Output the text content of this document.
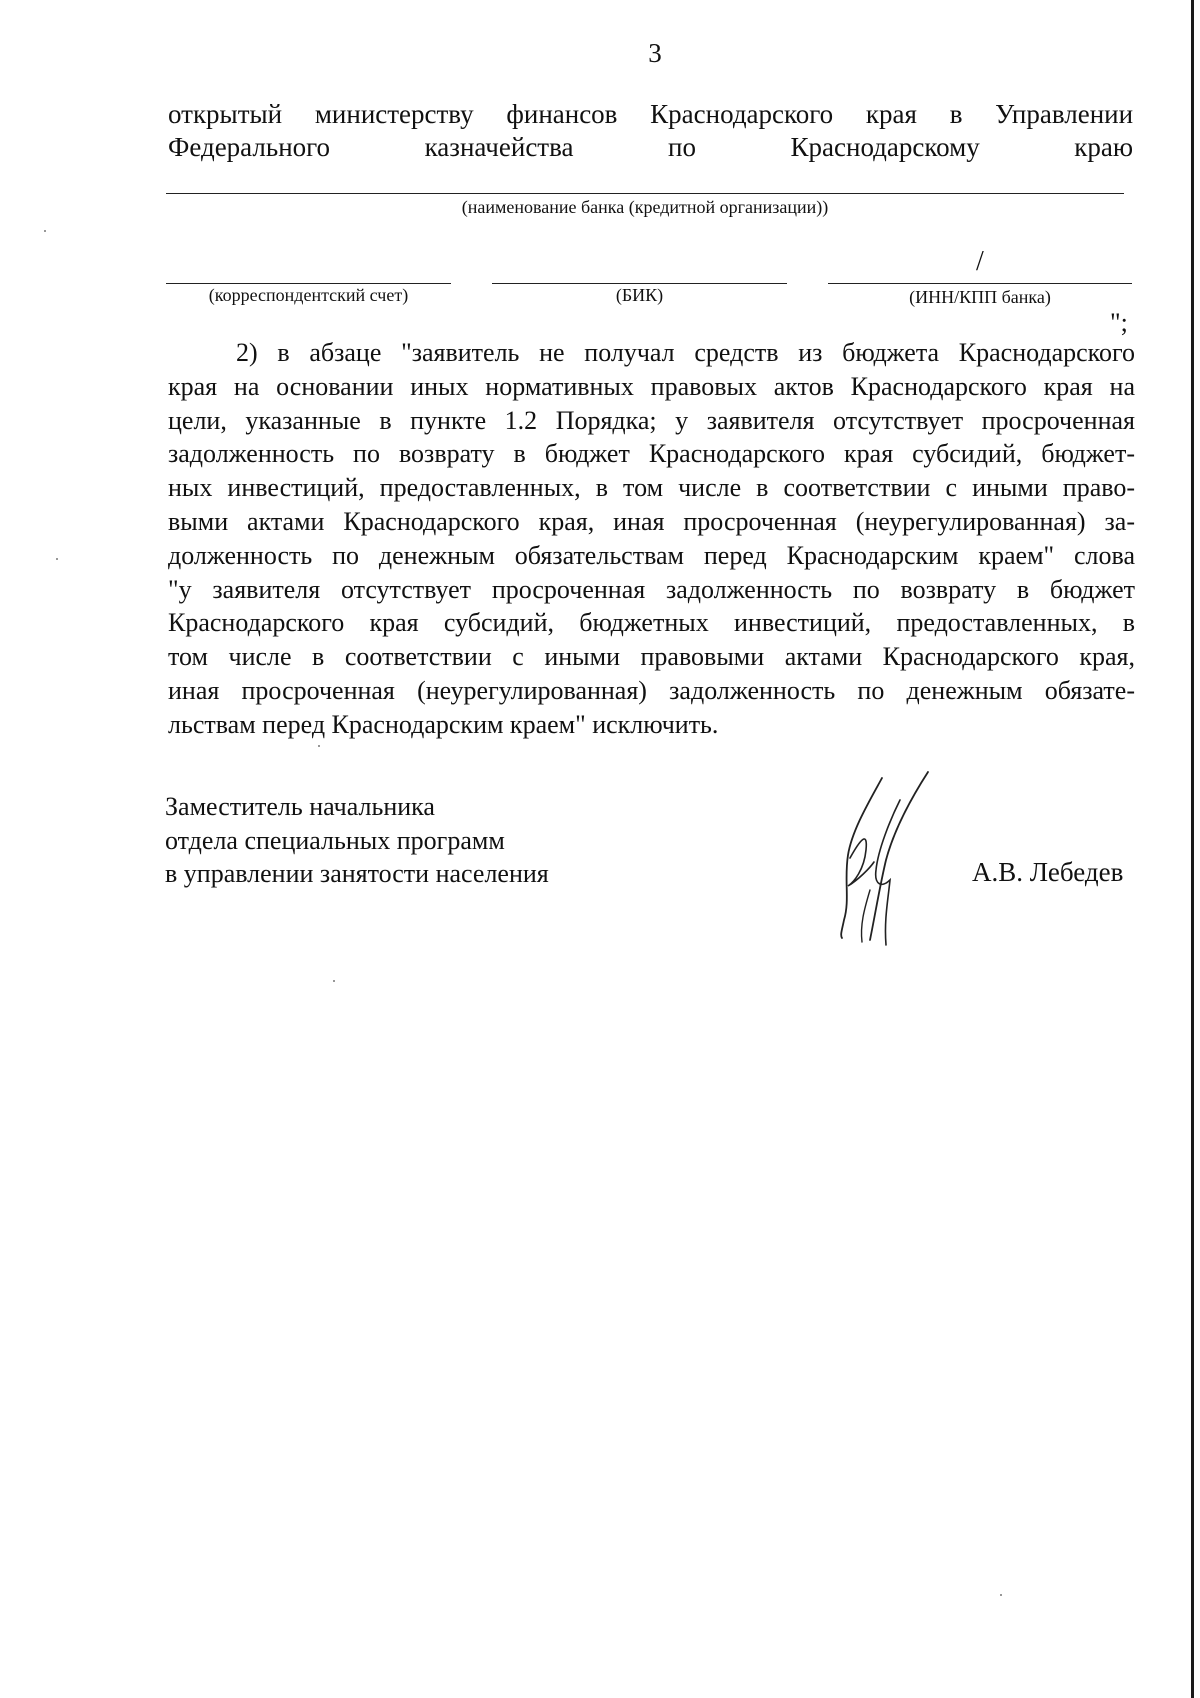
3
открытый министерству финансов Краснодарского края в Управлении
Федерального	казначейства	по	Краснодарскому	краю
(наименование банка (кредитной организации))
(корреспондентский счет)	(БИК)
/
(ИНН/КПП банка)
";
2) в абзаце "заявитель не получал средств из бюджета Краснодарского
края на основании иных нормативных правовых актов Краснодарского края на
цели, указанные в пункте 1.2 Порядка; у заявителя отсутствует просроченная
задолженность по возврату в бюджет Краснодарского края субсидий, бюджет-
ных инвестиций, предоставленных, в том числе в соответствии с иными право-
выми актами Краснодарского края, иная просроченная (неурегулированная) за-
долженность по денежным обязательствам перед Краснодарским краем" слова
"у заявителя отсутствует просроченная задолженность по возврату в бюджет
Краснодарского края субсидий, бюджетных инвестиций, предоставленных, в
том числе в соответствии с иными правовыми актами Краснодарского края,
иная просроченная (неурегулированная) задолженность по денежным обязате-
льствам перед Краснодарским краем" исключить.
Заместитель начальника
отдела специальных программ
в управлении занятости населения	А.В. Лебедев
